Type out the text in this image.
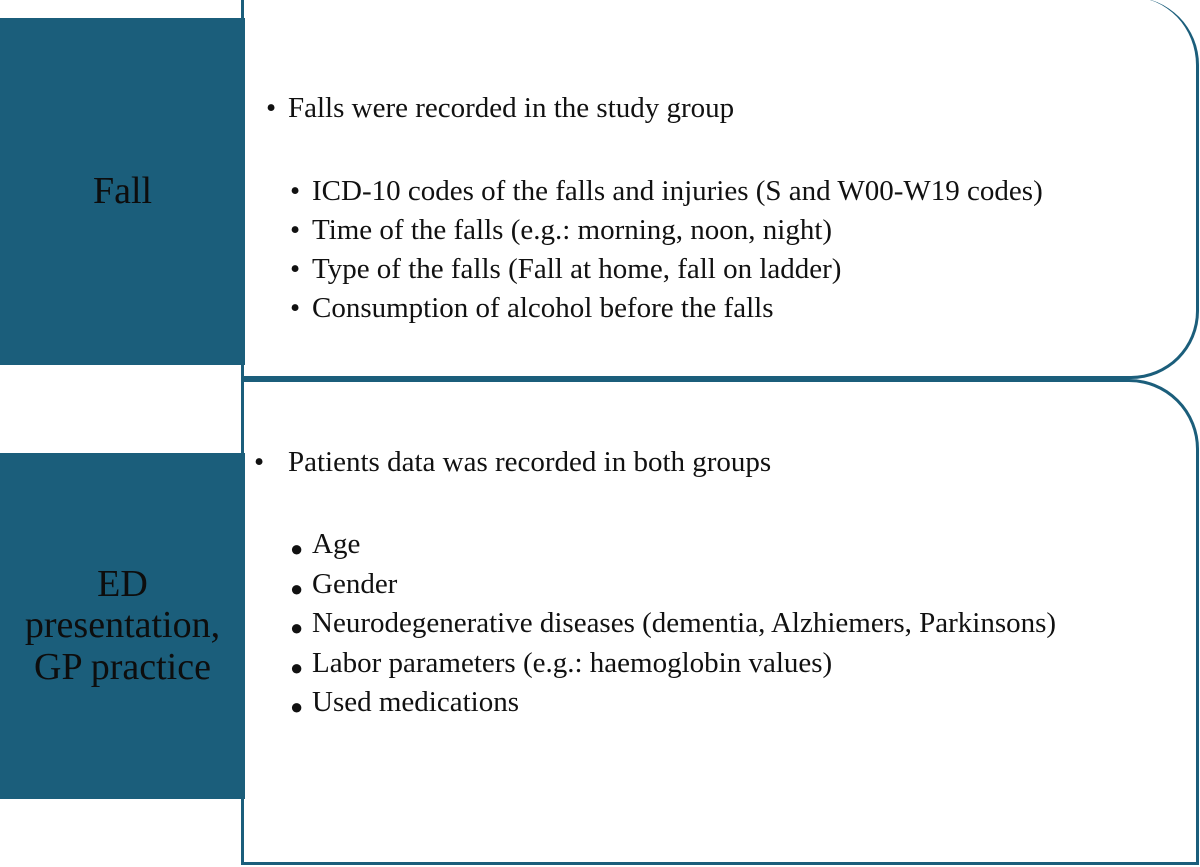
• Falls were recorded in the study group
• ICD-10 codes of the falls and injuries (S and W00-W19 codes)
• Time of the falls (e.g.: morning, noon, night)
• Type of the falls (Fall at home, fall on ladder)
• Consumption of alcohol before the falls
Fall
• Patients data was recorded in both groups
● Age
● Gender
● Neurodegenerative diseases (dementia, Alzhiemers, Parkinsons)
● Labor parameters (e.g.: haemoglobin values)
● Used medications
ED
presentation,
GP practice
